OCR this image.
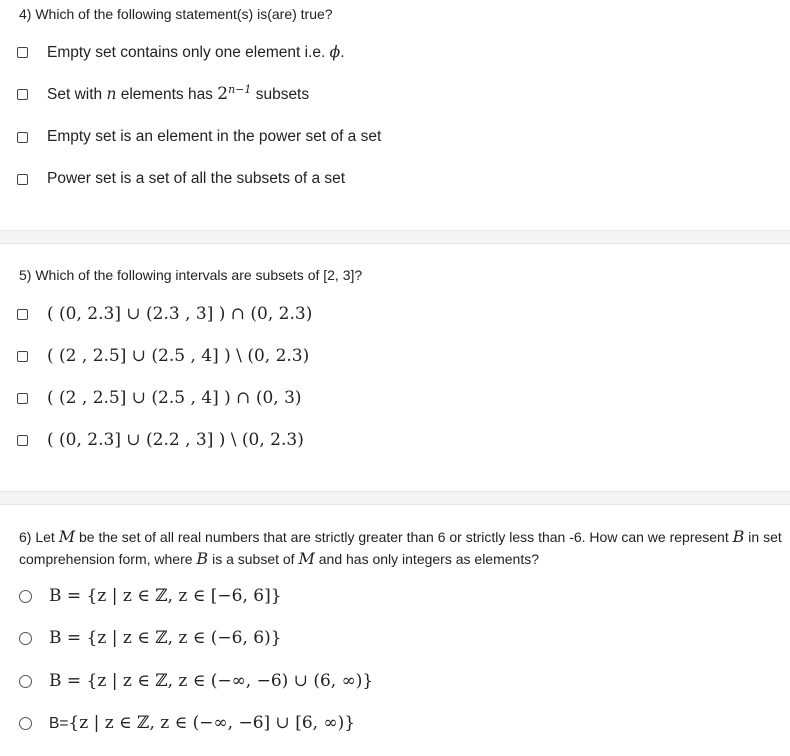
4) Which of the following statement(s) is(are) true?
Empty set contains only one element i.e. ϕ.
Set with n elements has $2^{n-1}$ subsets
Empty set is an element in the power set of a set
Power set is a set of all the subsets of a set
5) Which of the following intervals are subsets of [2, 3]?
( (0, 2.3] ∪ (2.3 , 3] ) ∩ (0, 2.3)
( (2 , 2.5] ∪ (2.5 , 4] ) \ (0, 2.3)
( (2 , 2.5] ∪ (2.5 , 4] ) ∩ (0, 3)
( (0, 2.3] ∪ (2.2 , 3] ) \ (0, 2.3)
6) Let M be the set of all real numbers that are strictly greater than 6 or strictly less than -6. How can we represent B in set
comprehension form, where B is a subset of M and has only integers as elements?
B = {z | z ∈ ℤ, z ∈ [−6, 6]}
B = {z | z ∈ ℤ, z ∈ (−6, 6)}
B = {z | z ∈ ℤ, z ∈ (−∞, −6) ∪ (6, ∞)}
B={z | z ∈ ℤ, z ∈ (−∞, −6] ∪ [6, ∞)}
